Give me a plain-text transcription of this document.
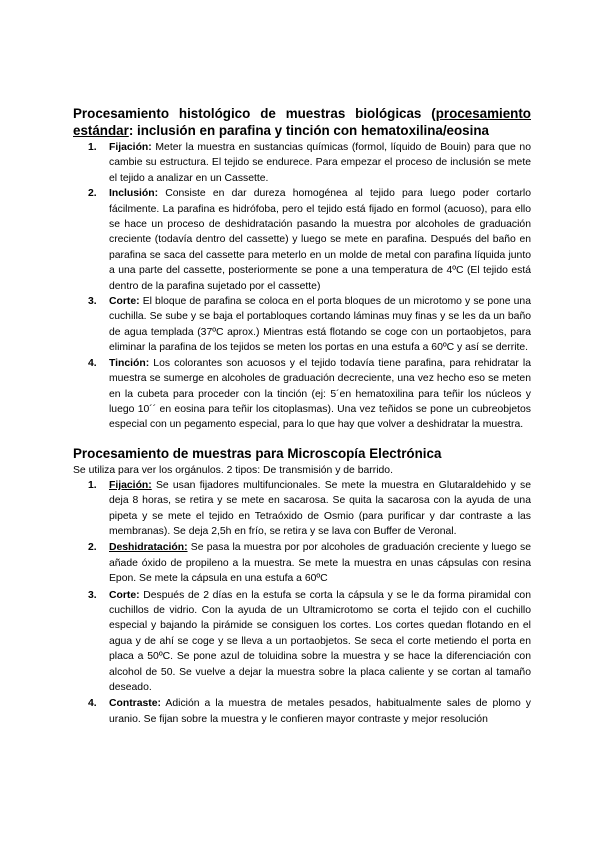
Procesamiento histológico de muestras biológicas (procesamiento estándar: inclusión en parafina y tinción con hematoxilina/eosina
1. Fijación: Meter la muestra en sustancias químicas (formol, líquido de Bouin) para que no cambie su estructura. El tejido se endurece. Para empezar el proceso de inclusión se mete el tejido a analizar en un Cassette.
2. Inclusión: Consiste en dar dureza homogénea al tejido para luego poder cortarlo fácilmente. La parafina es hidrófoba, pero el tejido está fijado en formol (acuoso), para ello se hace un proceso de deshidratación pasando la muestra por alcoholes de graduación creciente (todavía dentro del cassette) y luego se mete en parafina. Después del baño en parafina se saca del cassette para meterlo en un molde de metal con parafina líquida junto a una parte del cassette, posteriormente se pone a una temperatura de 4ºC (El tejido está dentro de la parafina sujetado por el cassette)
3. Corte: El bloque de parafina se coloca en el porta bloques de un microtomo y se pone una cuchilla. Se sube y se baja el portabloques cortando láminas muy finas y se les da un baño de agua templada (37ºC aprox.) Mientras está flotando se coge con un portaobjetos, para eliminar la parafina de los tejidos se meten los portas en una estufa a 60ºC y así se derrite.
4. Tinción: Los colorantes son acuosos y el tejido todavía tiene parafina, para rehidratar la muestra se sumerge en alcoholes de graduación decreciente, una vez hecho eso se meten en la cubeta para proceder con la tinción (ej: 5´en hematoxilina para teñir los núcleos y luego 10´´ en eosina para teñir los citoplasmas). Una vez teñidos se pone un cubreobjetos especial con un pegamento especial, para lo que hay que volver a deshidratar la muestra.
Procesamiento de muestras para Microscopía Electrónica

Se utiliza para ver los orgánulos. 2 tipos: De transmisión y de barrido.

1. Fijación: Se usan fijadores multifuncionales. Se mete la muestra en Glutaraldehido y se deja 8 horas, se retira y se mete en sacarosa. Se quita la sacarosa con la ayuda de una pipeta y se mete el tejido en Tetraóxido de Osmio (para purificar y dar contraste a las membranas). Se deja 2,5h en frío, se retira y se lava con Buffer de Veronal.
2. Deshidratación: Se pasa la muestra por por alcoholes de graduación creciente y luego se añade óxido de propileno a la muestra. Se mete la muestra en unas cápsulas con resina Epon. Se mete la cápsula en una estufa a 60ºC
3. Corte: Después de 2 días en la estufa se corta la cápsula y se le da forma piramidal con cuchillos de vidrio. Con la ayuda de un Ultramicrotomo se corta el tejido con el cuchillo especial y bajando la pirámide se consiguen los cortes. Los cortes quedan flotando en el agua y de ahí se coge y se lleva a un portaobjetos. Se seca el corte metiendo el porta en placa a 50ºC. Se pone azul de toluidina sobre la muestra y se hace la diferenciación con alcohol de 50. Se vuelve a dejar la muestra sobre la placa caliente y se cortan al tamaño deseado.
4. Contraste: Adición a la muestra de metales pesados, habitualmente sales de plomo y uranio. Se fijan sobre la muestra y le confieren mayor contraste y mejor resolución
